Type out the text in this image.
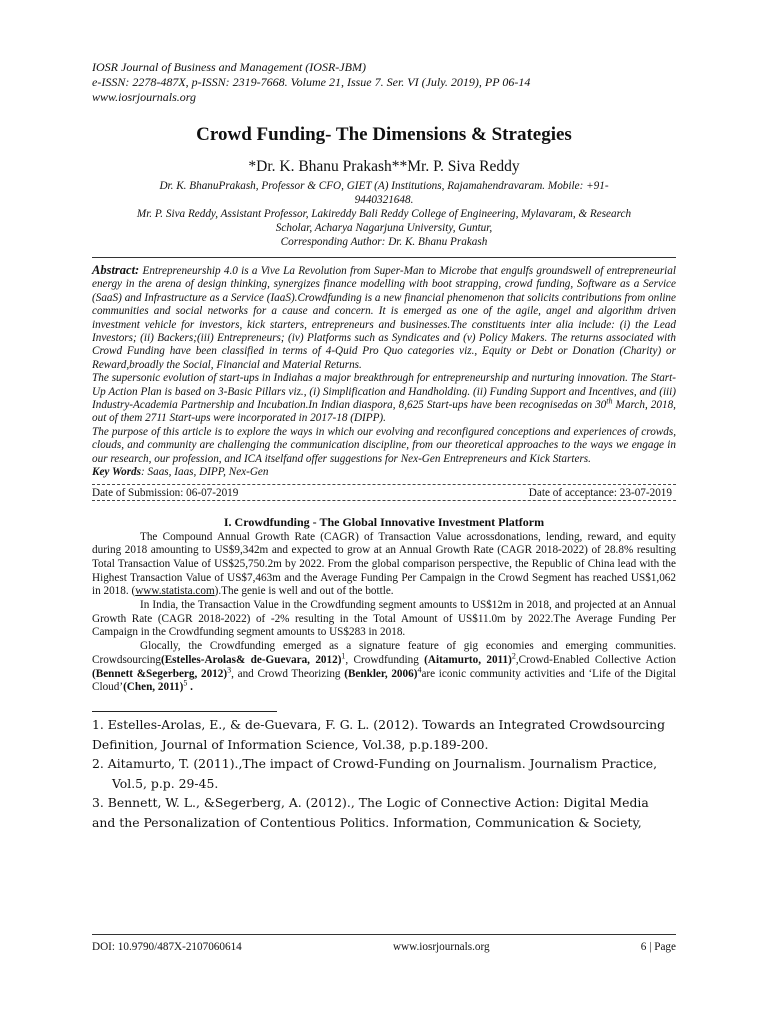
IOSR Journal of Business and Management (IOSR-JBM)
e-ISSN: 2278-487X, p-ISSN: 2319-7668. Volume 21, Issue 7. Ser. VI (July. 2019), PP 06-14
www.iosrjournals.org
Crowd Funding- The Dimensions & Strategies
*Dr. K. Bhanu Prakash**Mr. P. Siva Reddy
Dr. K. BhanuPrakash, Professor & CFO, GIET (A) Institutions, Rajamahendravaram. Mobile: +91-
9440321648.
Mr. P. Siva Reddy, Assistant Professor, Lakireddy Bali Reddy College of Engineering, Mylavaram, & Research
Scholar, Acharya Nagarjuna University, Guntur,
Corresponding Author: Dr. K. Bhanu Prakash

Abstract: Entrepreneurship 4.0 is a Vive La Revolution from Super-Man to Microbe that engulfs groundswell of entrepreneurial energy in the arena of design thinking, synergizes finance modelling with boot strapping, crowd funding, Software as a Service (SaaS) and Infrastructure as a Service (IaaS).Crowdfunding is a new financial phenomenon that solicits contributions from online communities and social networks for a cause and concern. It is emerged as one of the agile, angel and algorithm driven investment vehicle for investors, kick starters, entrepreneurs and businesses.The constituents inter alia include: (i) the Lead Investors; (ii) Backers;(iii) Entrepreneurs; (iv) Platforms such as Syndicates and (v) Policy Makers. The returns associated with Crowd Funding have been classified in terms of 4-Quid Pro Quo categories viz., Equity or Debt or Donation (Charity) or Reward,broadly the Social, Financial and Material Returns.

The supersonic evolution of start-ups in Indiahas a major breakthrough for entrepreneurship and nurturing innovation. The Start-Up Action Plan is based on 3-Basic Pillars viz., (i) Simplification and Handholding. (ii) Funding Support and Incentives, and (iii) Industry-Academia Partnership and Incubation.In Indian diaspora, 8,625 Start-ups have been recognisedas on 30th March, 2018, out of them 2711 Start-ups were incorporated in 2017-18 (DIPP).

The purpose of this article is to explore the ways in which our evolving and reconfigured conceptions and experiences of crowds, clouds, and community are challenging the communication discipline, from our theoretical approaches to the ways we engage in our research, our profession, and ICA itselfand offer suggestions for Nex-Gen Entrepreneurs and Kick Starters.

Key Words: Saas, Iaas, DIPP, Nex-Gen

Date of Submission: 06-07-2019	Date of acceptance: 23-07-2019
I. Crowdfunding - The Global Innovative Investment Platform

The Compound Annual Growth Rate (CAGR) of Transaction Value acrossdonations, lending, reward, and equity during 2018 amounting to US$9,342m and expected to grow at an Annual Growth Rate (CAGR 2018-2022) of 28.8% resulting Total Transaction Value of US$25,750.2m by 2022. From the global comparison perspective, the Republic of China lead with the Highest Transaction Value of US$7,463m and the Average Funding Per Campaign in the Crowd Segment has reached US$1,062 in 2018. (www.statista.com).The genie is well and out of the bottle.

In India, the Transaction Value in the Crowdfunding segment amounts to US$12m in 2018, and projected at an Annual Growth Rate (CAGR 2018-2022) of -2% resulting in the Total Amount of US$11.0m by 2022.The Average Funding Per Campaign in the Crowdfunding segment amounts to US$283 in 2018.

Glocally, the Crowdfunding emerged as a signature feature of gig economies and emerging communities. Crowdsourcing(Estelles-Arolas& de-Guevara, 2012)$^1$, Crowdfunding (Aitamurto, 2011)$^2$,Crowd-Enabled Collective Action (Bennett &Segerberg, 2012)$^3$, and Crowd Theorizing (Benkler, 2006)$^4$are iconic community activities and ‘Life of the Digital Cloud’(Chen, 2011)$^5$ .

1. Estelles-Arolas, E., & de-Guevara, F. G. L. (2012). Towards an Integrated Crowdsourcing

Definition, Journal of Information Science, Vol.38, p.p.189-200.

2. Aitamurto, T. (2011).,The impact of Crowd-Funding on Journalism. Journalism Practice,

Vol.5, p.p. 29-45.

3. Bennett, W. L., &Segerberg, A. (2012)., The Logic of Connective Action: Digital Media

and the Personalization of Contentious Politics. Information, Communication & Society,

DOI: 10.9790/487X-2107060614	www.iosrjournals.org	6 | Page
